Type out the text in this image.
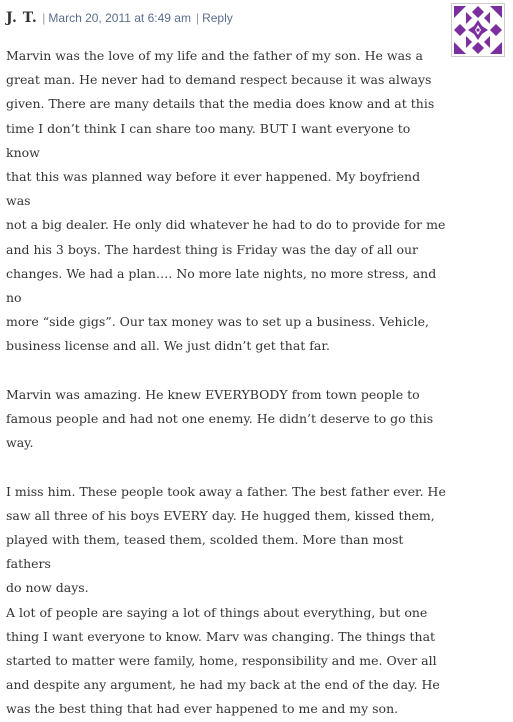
J. T. | March 20, 2011 at 6:49 am | Reply

Marvin was the love of my life and the father of my son. He was a
great man. He never had to demand respect because it was always
given. There are many details that the media does know and at this
time I don’t think I can share too many. BUT I want everyone to know
that this was planned way before it ever happened. My boyfriend was
not a big dealer. He only did whatever he had to do to provide for me
and his 3 boys. The hardest thing is Friday was the day of all our
changes. We had a plan…. No more late nights, no more stress, and no
more “side gigs”. Our tax money was to set up a business. Vehicle,
business license and all. We just didn’t get that far.

Marvin was amazing. He knew EVERYBODY from town people to
famous people and had not one enemy. He didn’t deserve to go this
way.

I miss him. These people took away a father. The best father ever. He
saw all three of his boys EVERY day. He hugged them, kissed them,
played with them, teased them, scolded them. More than most fathers
do now days.

A lot of people are saying a lot of things about everything, but one
thing I want everyone to know. Marv was changing. The things that
started to matter were family, home, responsibility and me. Over all
and despite any argument, he had my back at the end of the day. He
was the best thing that had ever happened to me and my son.
